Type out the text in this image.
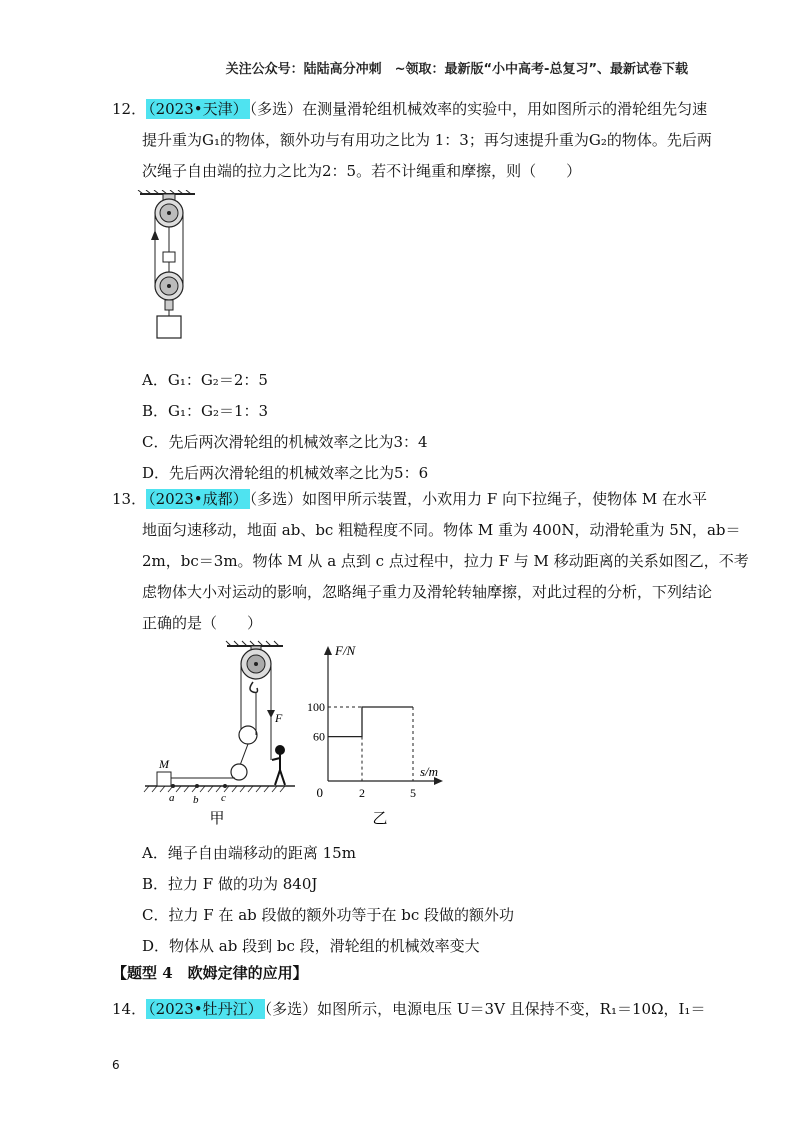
关注公众号：陆陆高分冲刺　~领取：最新版“小中高考-总复习”、最新试卷下载
12． （2023•天津） （多选）在测量滑轮组机械效率的实验中，用如图所示的滑轮组先匀速
提升重为G₁的物体，额外功与有用功之比为 1：3；再匀速提升重为G₂的物体。先后两
次绳子自由端的拉力之比为2：5。若不计绳重和摩擦，则（　　）
A．G₁：G₂＝2：5
B．G₁：G₂＝1：3
C．先后两次滑轮组的机械效率之比为3：4
D．先后两次滑轮组的机械效率之比为5：6
13． （2023•成都） （多选）如图甲所示装置，小欢用力 F 向下拉绳子，使物体 M 在水平
地面匀速移动，地面 ab、bc 粗糙程度不同。物体 M 重为 400N，动滑轮重为 5N，ab＝
2m，bc＝3m。物体 M 从 a 点到 c 点过程中，拉力 F 与 M 移动距离的关系如图乙，不考
虑物体大小对运动的影响，忽略绳子重力及滑轮转轴摩擦，对此过程的分析，下列结论
正确的是（　　）
F
M
a b c
甲
F/N
s/m
0
60
100
2	5
乙
A．绳子自由端移动的距离 15m
B．拉力 F 做的功为 840J
C．拉力 F 在 ab 段做的额外功等于在 bc 段做的额外功
D．物体从 ab 段到 bc 段，滑轮组的机械效率变大
【题型 4　欧姆定律的应用】
14． （2023•牡丹江） （多选）如图所示，电源电压 U＝3V 且保持不变，R₁＝10Ω，I₁＝
6
